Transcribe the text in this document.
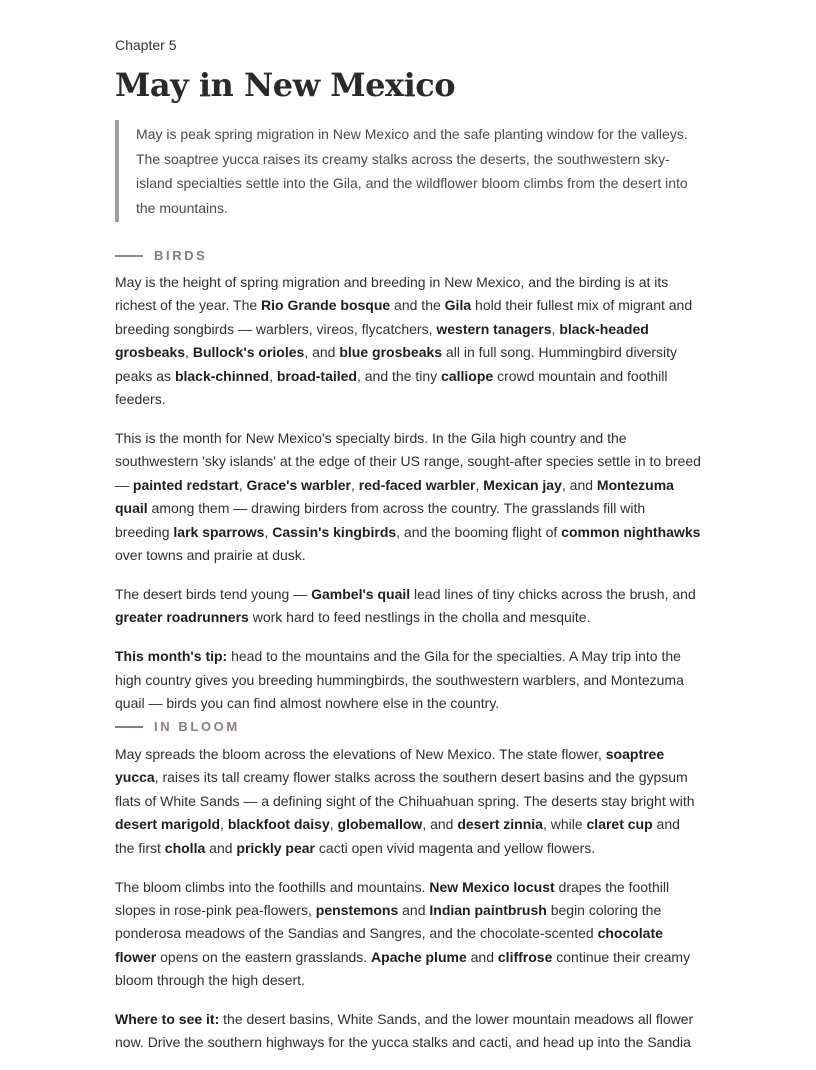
Chapter 5
May in New Mexico

May is peak spring migration in New Mexico and the safe planting window for the valleys. The soaptree yucca raises its creamy stalks across the deserts, the southwestern sky-island specialties settle into the Gila, and the wildflower bloom climbs from the desert into the mountains.

BIRDS

May is the height of spring migration and breeding in New Mexico, and the birding is at its richest of the year. The Rio Grande bosque and the Gila hold their fullest mix of migrant and breeding songbirds — warblers, vireos, flycatchers, western tanagers, black-headed grosbeaks, Bullock's orioles, and blue grosbeaks all in full song. Hummingbird diversity peaks as black-chinned, broad-tailed, and the tiny calliope crowd mountain and foothill feeders.

This is the month for New Mexico's specialty birds. In the Gila high country and the southwestern 'sky islands' at the edge of their US range, sought-after species settle in to breed — painted redstart, Grace's warbler, red-faced warbler, Mexican jay, and Montezuma quail among them — drawing birders from across the country. The grasslands fill with breeding lark sparrows, Cassin's kingbirds, and the booming flight of common nighthawks over towns and prairie at dusk.

The desert birds tend young — Gambel's quail lead lines of tiny chicks across the brush, and greater roadrunners work hard to feed nestlings in the cholla and mesquite.

This month's tip: head to the mountains and the Gila for the specialties. A May trip into the high country gives you breeding hummingbirds, the southwestern warblers, and Montezuma quail — birds you can find almost nowhere else in the country.

IN BLOOM

May spreads the bloom across the elevations of New Mexico. The state flower, soaptree yucca, raises its tall creamy flower stalks across the southern desert basins and the gypsum flats of White Sands — a defining sight of the Chihuahuan spring. The deserts stay bright with desert marigold, blackfoot daisy, globemallow, and desert zinnia, while claret cup and the first cholla and prickly pear cacti open vivid magenta and yellow flowers.

The bloom climbs into the foothills and mountains. New Mexico locust drapes the foothill slopes in rose-pink pea-flowers, penstemons and Indian paintbrush begin coloring the ponderosa meadows of the Sandias and Sangres, and the chocolate-scented chocolate flower opens on the eastern grasslands. Apache plume and cliffrose continue their creamy bloom through the high desert.

Where to see it: the desert basins, White Sands, and the lower mountain meadows all flower now. Drive the southern highways for the yucca stalks and cacti, and head up into the Sandia
